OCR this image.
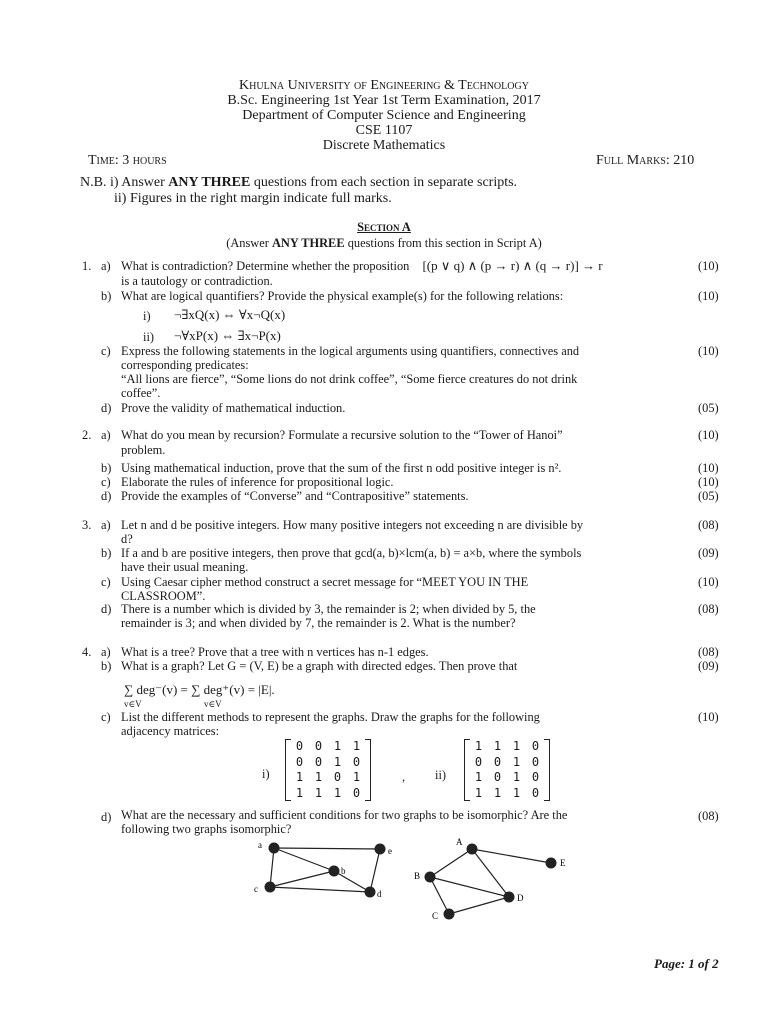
Khulna University of Engineering & Technology
B.Sc. Engineering 1st Year 1st Term Examination, 2017
Department of Computer Science and Engineering
CSE 1107
Discrete Mathematics
Time: 3 hours	Full Marks: 210
N.B. i) Answer ANY THREE questions from each section in separate scripts.
ii) Figures in the right margin indicate full marks.
Section A
(Answer ANY THREE questions from this section in Script A)
1. a) What is contradiction? Determine whether the proposition [(p ∨ q) ∧ (p → r) ∧ (q → r)] → r
is a tautology or contradiction.
(10)
b) What are logical quantifiers? Provide the physical example(s) for the following relations:	(10)
i) ¬∃xQ(x) ⇔ ∀x¬Q(x)
ii) ¬∀xP(x) ⇔ ∃x¬P(x)
c) Express the following statements in the logical arguments using quantifiers, connectives and
corresponding predicates:
“All lions are fierce”, “Some lions do not drink coffee”, “Some fierce creatures do not drink
coffee”.
(10)
d) Prove the validity of mathematical induction.	(05)
2. a) What do you mean by recursion? Formulate a recursive solution to the “Tower of Hanoi”
problem.
(10)
b) Using mathematical induction, prove that the sum of the first n odd positive integer is n².	(10)
c) Elaborate the rules of inference for propositional logic.	(10)
d) Provide the examples of “Converse” and “Contrapositive” statements.	(05)
3. a) Let n and d be positive integers. How many positive integers not exceeding n are divisible by
d?
(08)
b) If a and b are positive integers, then prove that gcd(a, b)×lcm(a, b) = a×b, where the symbols
have their usual meaning.
(09)
c) Using Caesar cipher method construct a secret message for “MEET YOU IN THE
CLASSROOM”.
(10)
d) There is a number which is divided by 3, the remainder is 2; when divided by 5, the
remainder is 3; and when divided by 7, the remainder is 2. What is the number?
(08)
4. a) What is a tree? Prove that a tree with n vertices has n-1 edges.	(08)
b) What is a graph? Let G = (V, E) be a graph with directed edges. Then prove that	(09)
∑ deg⁻(v) = ∑ deg⁺(v) = |E|.
v∈V	v∈V
c) List the different methods to represent the graphs. Draw the graphs for the following
adjacency matrices:
(10)
i)
0 0 1 1
0 0 1 0
1 1 0 1
1 1 1 0
, ii)
1 1 1 0
0 0 1 0
1 0 1 0
1 1 1 0
d) What are the necessary and sufficient conditions for two graphs to be isomorphic? Are the
following two graphs isomorphic?
(08)
a
e
b
c	d
A
E
B
D
C
Page: 1 of 2
